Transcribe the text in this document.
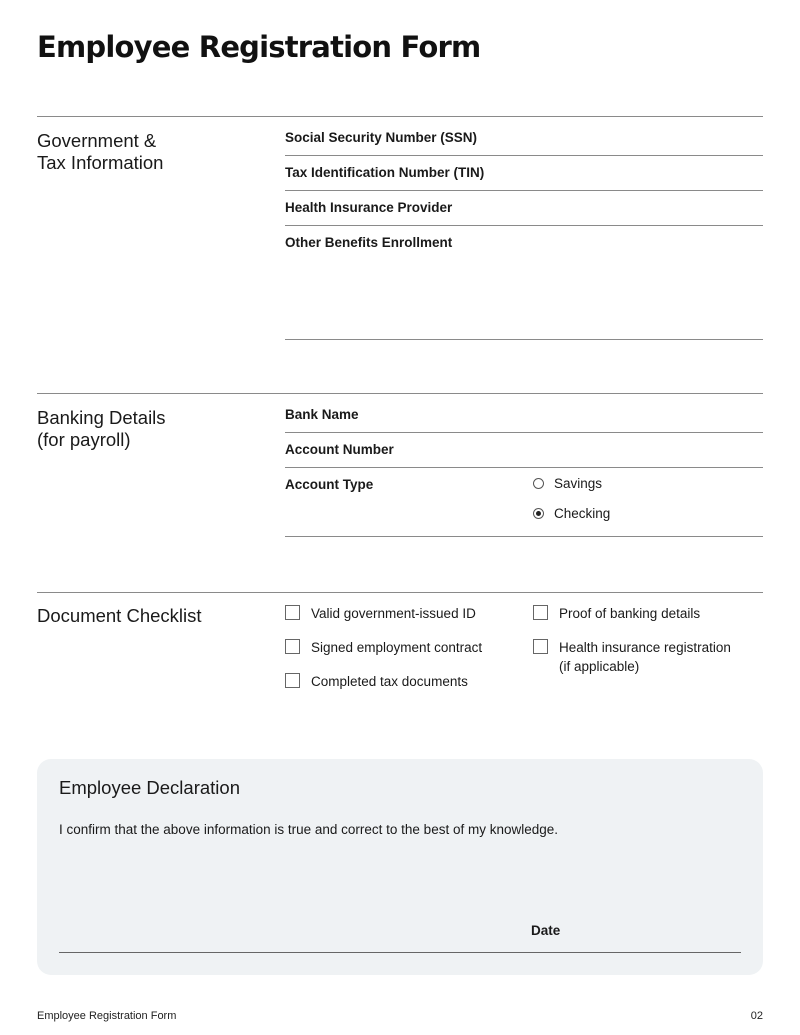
Employee Registration Form
Government &
Tax Information
Social Security Number (SSN)
Tax Identification Number (TIN)
Health Insurance Provider
Other Benefits Enrollment
Banking Details
(for payroll)
Bank Name
Account Number
Account Type	Savings
Checking
Document Checklist	Valid government-issued ID
Signed employment contract
Completed tax documents
Proof of banking details
Health insurance registration
(if applicable)
Employee Declaration
I confirm that the above information is true and correct to the best of my knowledge.
Date
Employee Registration Form	02
